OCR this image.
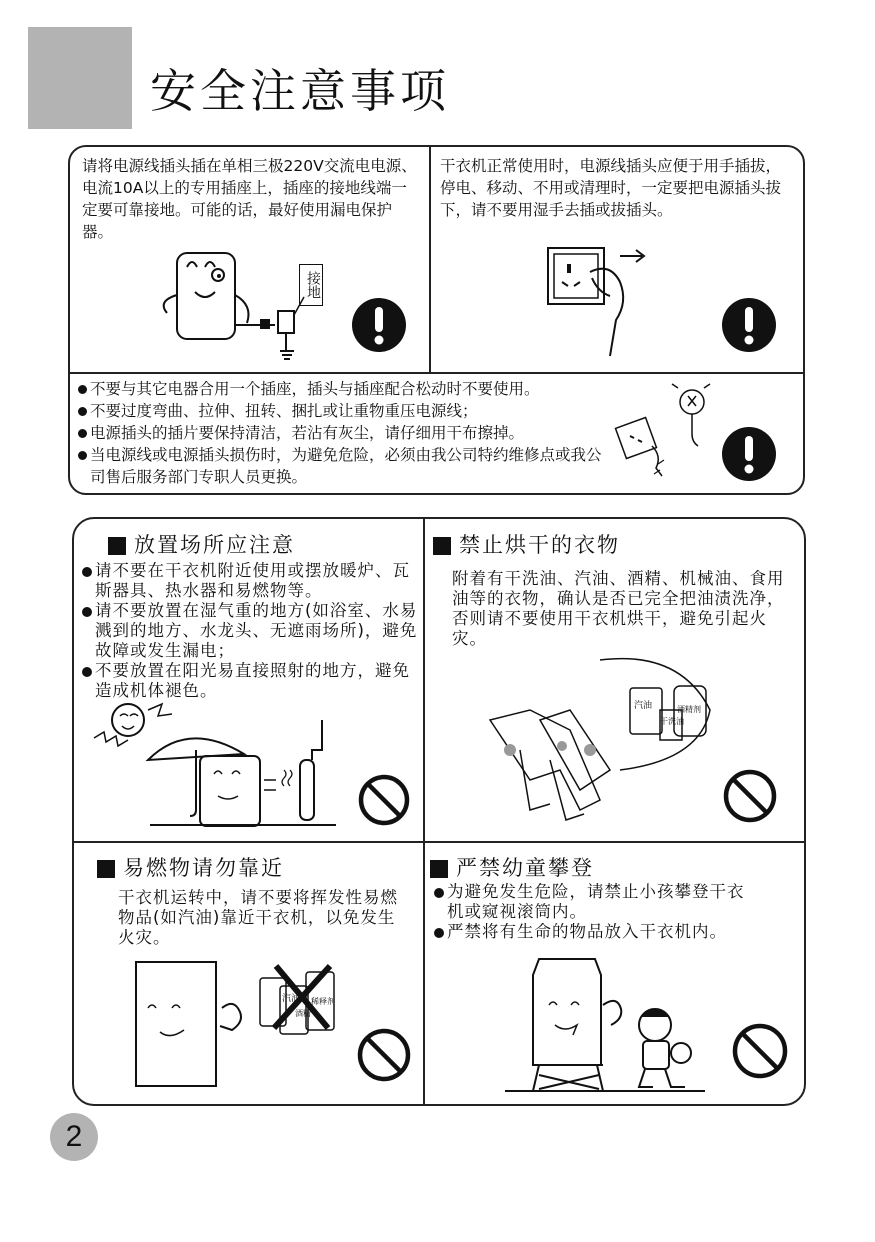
安全注意事项

请将电源线插头插在单相三极220V交流电电源、电流10A以上的专用插座上，插座的接地线端一定要可靠接地。可能的话，最好使用漏电保护器。

干衣机正常使用时，电源线插头应便于用手插拔，停电、移动、不用或清理时，一定要把电源插头拔下，请不要用湿手去插或拔插头。

接地
不要与其它电器合用一个插座，插头与插座配合松动时不要使用。
不要过度弯曲、拉伸、扭转、捆扎或让重物重压电源线；
电源插头的插片要保持清洁，若沾有灰尘，请仔细用干布擦掉。
当电源线或电源插头损伤时，为避免危险，必须由我公司特约维修点或我公司售后服务部门专职人员更换。
放置场所应注意
请不要在干衣机附近使用或摆放暖炉、瓦斯器具、热水器和易燃物等。
请不要放置在湿气重的地方(如浴室、水易溅到的地方、水龙头、无遮雨场所)，避免故障或发生漏电；
不要放置在阳光易直接照射的地方，避免造成机体褪色。
禁止烘干的衣物

附着有干洗油、汽油、酒精、机械油、食用油等的衣物，确认是否已完全把油渍洗净，否则请不要使用干衣机烘干，避免引起火灾。

汽油
干洗油
酒精剂
易燃物请勿靠近

干衣机运转中，请不要将挥发性易燃物品(如汽油)靠近干衣机，以免发生火灾。

汽油
酒精
稀释剂
严禁幼童攀登
为避免发生危险，请禁止小孩攀登干衣机或窥视滚筒内。
严禁将有生命的物品放入干衣机内。
2
